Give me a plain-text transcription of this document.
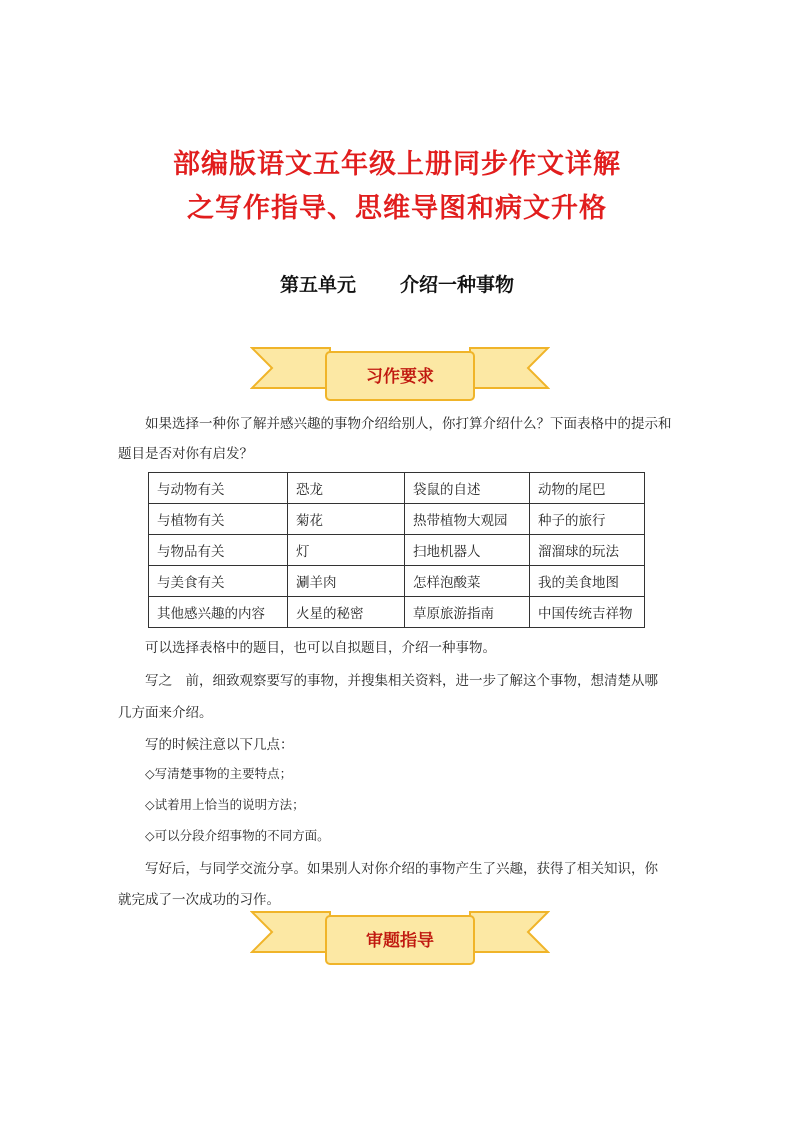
部编版语文五年级上册同步作文详解
之写作指导、思维导图和病文升格
第五单元 介绍一种事物
习作要求
如果选择一种你了解并感兴趣的事物介绍给别人，你打算介绍什么？下面表格中的提示和题目是否对你有启发？
与动物有关	恐龙	袋鼠的自述	动物的尾巴
与植物有关	菊花	热带植物大观园	种子的旅行
与物品有关	灯	扫地机器人	溜溜球的玩法
与美食有关	涮羊肉	怎样泡酸菜	我的美食地图
其他感兴趣的内容	火星的秘密	草原旅游指南	中国传统吉祥物
可以选择表格中的题目，也可以自拟题目，介绍一种事物。
写之　前，细致观察要写的事物，并搜集相关资料，进一步了解这个事物，想清楚从哪
几方面来介绍。
写的时候注意以下几点：
◇写清楚事物的主要特点；
◇试着用上恰当的说明方法；
◇可以分段介绍事物的不同方面。
写好后，与同学交流分享。如果别人对你介绍的事物产生了兴趣，获得了相关知识，你
就完成了一次成功的习作。
审题指导
